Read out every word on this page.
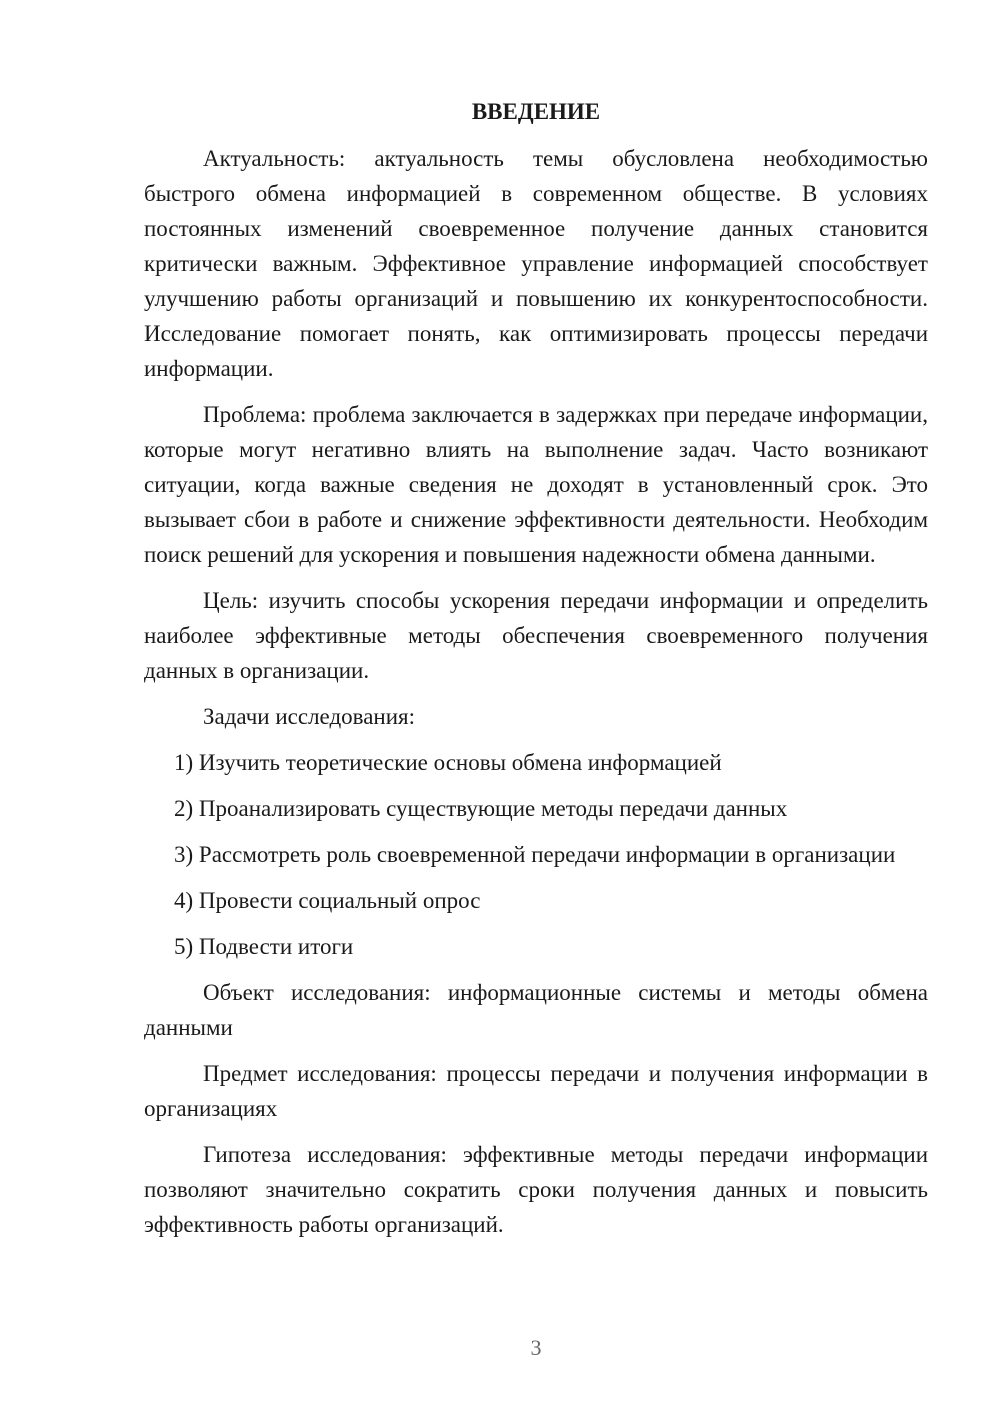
ВВЕДЕНИЕ

Актуальность: актуальность темы обусловлена необходимостью быстрого обмена информацией в современном обществе. В условиях постоянных изменений своевременное получение данных становится критически важным. Эффективное управление информацией способствует улучшению работы организаций и повышению их конкурентоспособности. Исследование помогает понять, как оптимизировать процессы передачи информации.

Проблема: проблема заключается в задержках при передаче информации, которые могут негативно влиять на выполнение задач. Часто возникают ситуации, когда важные сведения не доходят в установленный срок. Это вызывает сбои в работе и снижение эффективности деятельности. Необходим поиск решений для ускорения и повышения надежности обмена данными.

Цель: изучить способы ускорения передачи информации и определить наиболее эффективные методы обеспечения своевременного получения данных в организации.

Задачи исследования:

1) Изучить теоретические основы обмена информацией

2) Проанализировать существующие методы передачи данных

3) Рассмотреть роль своевременной передачи информации в организации

4) Провести социальный опрос

5) Подвести итоги

Объект исследования: информационные системы и методы обмена данными

Предмет исследования: процессы передачи и получения информации в организациях

Гипотеза исследования: эффективные методы передачи информации позволяют значительно сократить сроки получения данных и повысить эффективность работы организаций.

3
